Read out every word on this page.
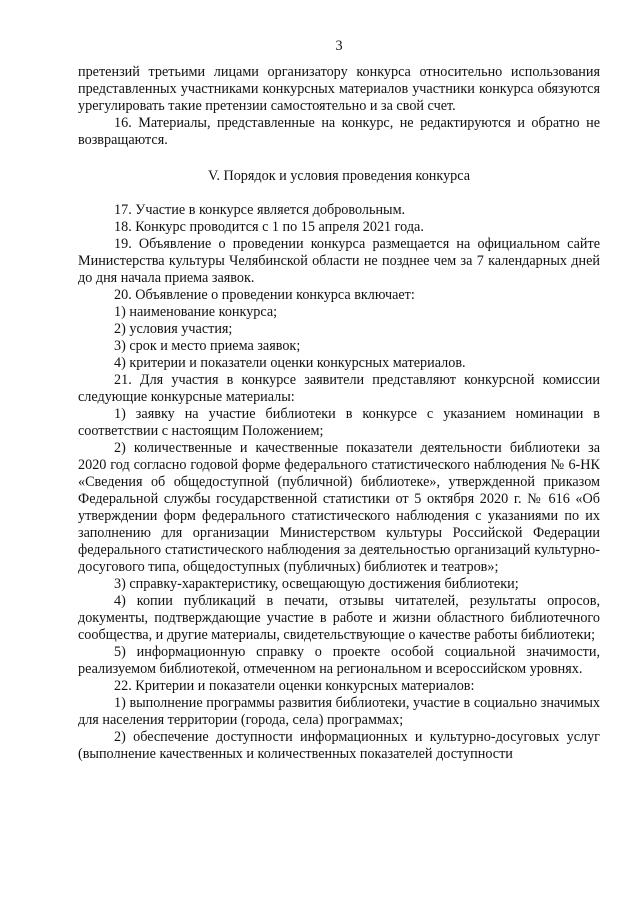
3
претензий третьими лицами организатору конкурса относительно использования представленных участниками конкурсных материалов участники конкурса обязуются урегулировать такие претензии самостоятельно и за свой счет.
16. Материалы, представленные на конкурс, не редактируются и обратно не возвращаются.
V. Порядок и условия проведения конкурса
17. Участие в конкурсе является добровольным.
18. Конкурс проводится с 1 по 15 апреля 2021 года.
19. Объявление о проведении конкурса размещается на официальном сайте Министерства культуры Челябинской области не позднее чем за 7 календарных дней до дня начала приема заявок.
20. Объявление о проведении конкурса включает:
1) наименование конкурса;
2) условия участия;
3) срок и место приема заявок;
4) критерии и показатели оценки конкурсных материалов.
21. Для участия в конкурсе заявители представляют конкурсной комиссии следующие конкурсные материалы:
1) заявку на участие библиотеки в конкурсе с указанием номинации в соответствии с настоящим Положением;
2) количественные и качественные показатели деятельности библиотеки за 2020 год согласно годовой форме федерального статистического наблюдения № 6-НК «Сведения об общедоступной (публичной) библиотеке», утвержденной приказом Федеральной службы государственной статистики от 5 октября 2020 г. № 616 «Об утверждении форм федерального статистического наблюдения с указаниями по их заполнению для организации Министерством культуры Российской Федерации федерального статистического наблюдения за деятельностью организаций культурно-досугового типа, общедоступных (публичных) библиотек и театров»;
3) справку-характеристику, освещающую достижения библиотеки;
4) копии публикаций в печати, отзывы читателей, результаты опросов, документы, подтверждающие участие в работе и жизни областного библиотечного сообщества, и другие материалы, свидетельствующие о качестве работы библиотеки;
5) информационную справку о проекте особой социальной значимости, реализуемом библиотекой, отмеченном на региональном и всероссийском уровнях.
22. Критерии и показатели оценки конкурсных материалов:
1) выполнение программы развития библиотеки, участие в социально значимых для населения территории (города, села) программах;
2) обеспечение доступности информационных и культурно-досуговых услуг (выполнение качественных и количественных показателей доступности
